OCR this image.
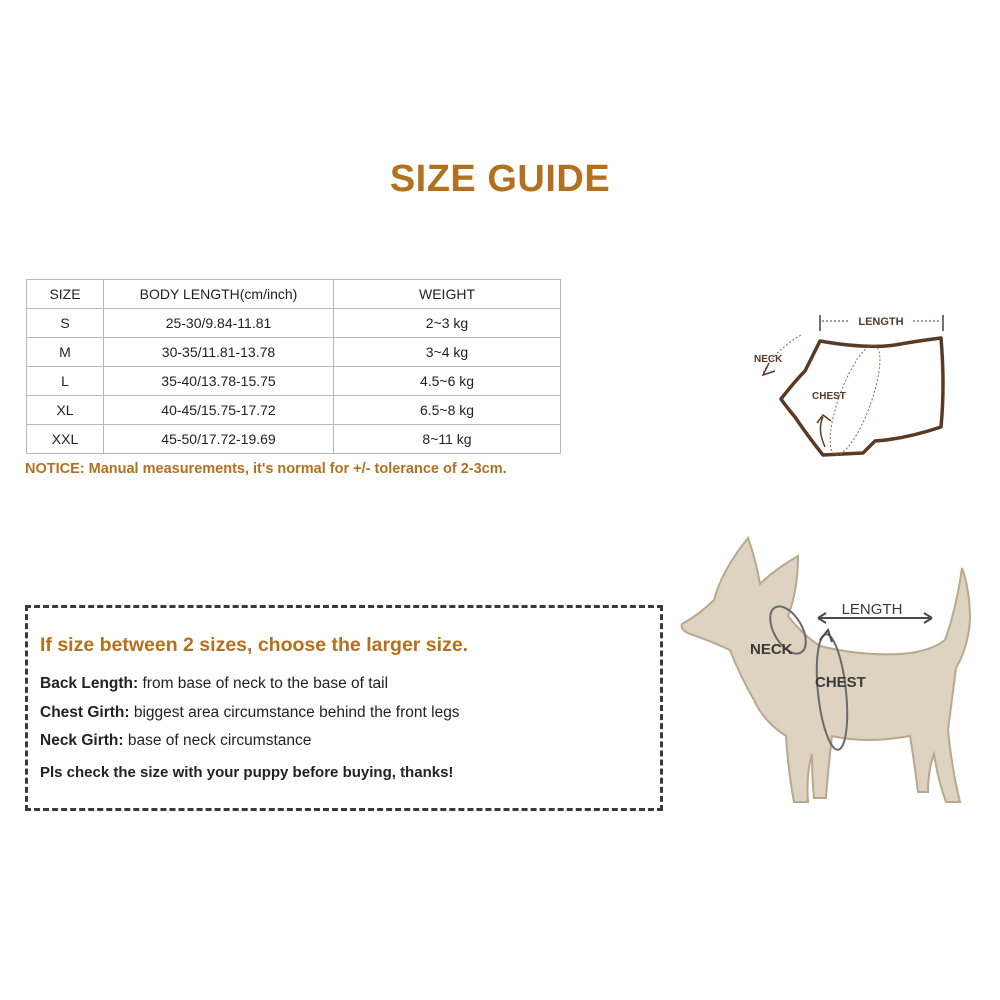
SIZE GUIDE
SIZE	BODY LENGTH(cm/inch)	WEIGHT
S	25-30/9.84-11.81	2~3 kg
M	30-35/11.81-13.78	3~4 kg
L	35-40/13.78-15.75	4.5~6 kg
XL	40-45/15.75-17.72	6.5~8 kg
XXL	45-50/17.72-19.69	8~11 kg
NOTICE: Manual measurements, it's normal for +/- tolerance of 2-3cm.
LENGTH
NECK
CHEST
LENGTH
NECK
CHEST
If size between 2 sizes, choose the larger size.
Back Length: from base of neck to the base of tail
Chest Girth: biggest area circumstance behind the front legs
Neck Girth: base of neck circumstance
Pls check the size with your puppy before buying, thanks!
